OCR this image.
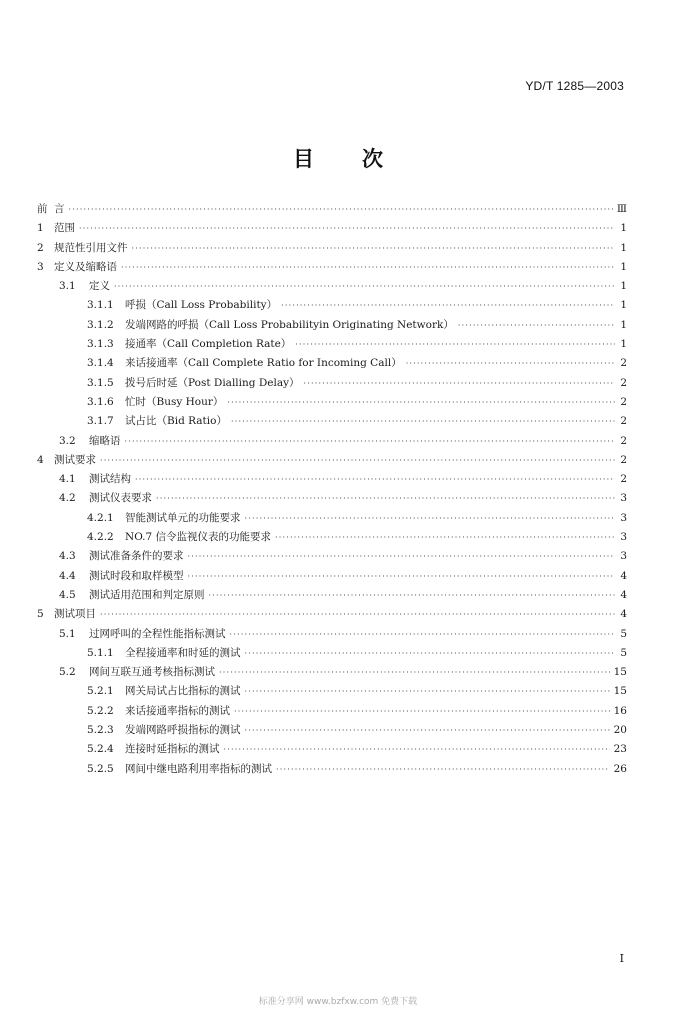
YD/T 1285—2003
目次
前 言 ·····	Ⅲ
1 范围 ·····	1
2 规范性引用文件 ·····	1
3 定义及缩略语 ·····	1
3.1	定义 ·····	1
3.1.1	呼损（Call Loss Probability） ·····	1
3.1.2	发端网路的呼损（Call Loss Probabilityin Originating Network） ·····	1
3.1.3	接通率（Call Completion Rate） ·····	1
3.1.4	来话接通率（Call Complete Ratio for Incoming Call） ·····	2
3.1.5	拨号后时延（Post Dialling Delay） ·····	2
3.1.6	忙时（Busy Hour） ·····	2
3.1.7	试占比（Bid Ratio） ·····	2
3.2	缩略语 ·····	2
4 测试要求 ·····	2
4.1	测试结构 ·····	2
4.2	测试仪表要求 ·····	3
4.2.1	智能测试单元的功能要求 ·····	3
4.2.2	NO.7 信令监视仪表的功能要求 ·····	3
4.3	测试准备条件的要求 ·····	3
4.4	测试时段和取样模型 ·····	4
4.5	测试适用范围和判定原则 ·····	4
5 测试项目 ·····	4
5.1	过网呼叫的全程性能指标测试 ·····	5
5.1.1	全程接通率和时延的测试 ·····	5
5.2	网间互联互通考核指标测试 ·····	15
5.2.1	网关局试占比指标的测试 ·····	15
5.2.2	来话接通率指标的测试 ·····	16
5.2.3	发端网路呼损指标的测试 ·····	20
5.2.4	连接时延指标的测试 ·····	23
5.2.5	网间中继电路利用率指标的测试 ·····	26
I
标准分享网 www.bzfxw.com 免费下载
